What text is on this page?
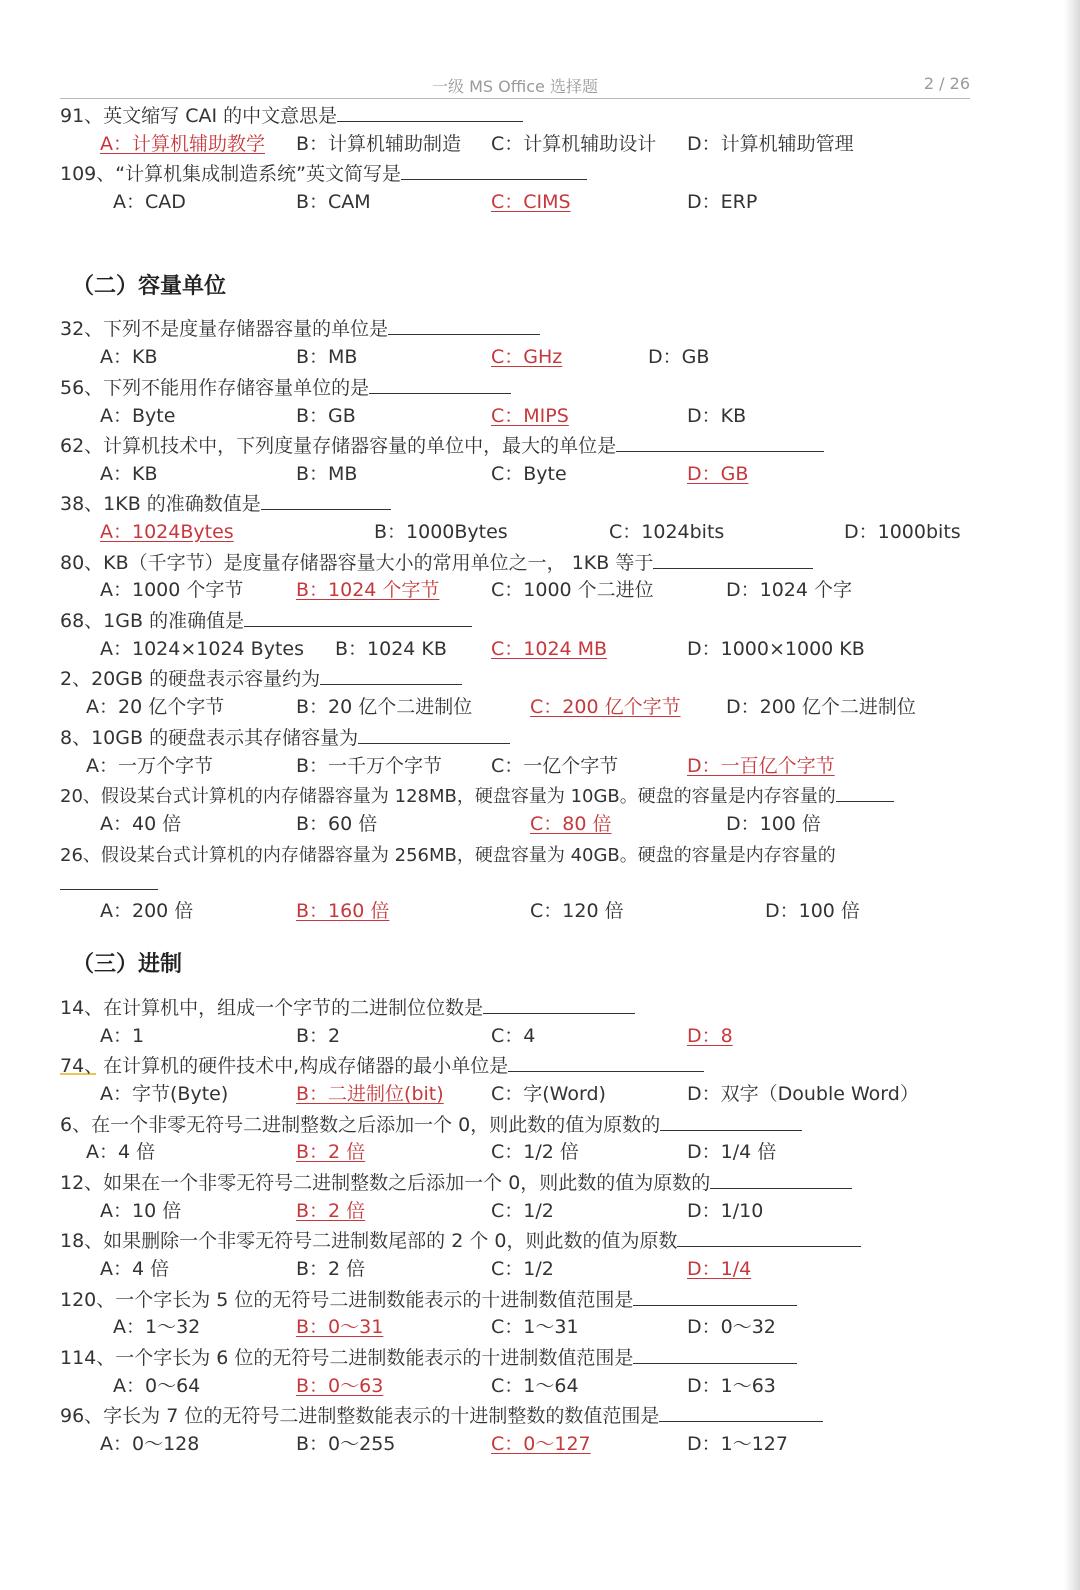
一级 MS Office 选择题	2 / 26
91、英文缩写 CAI 的中文意思是
A：计算机辅助教学 B：计算机辅助制造 C：计算机辅助设计 D：计算机辅助管理
109、“计算机集成制造系统”英文简写是
A：CAD	B：CAM	C：CIMS	D：ERP
（二）容量单位
32、下列不是度量存储器容量的单位是
A：KB	B：MB	C：GHz	D：GB
56、下列不能用作存储容量单位的是
A：Byte	B：GB	C：MIPS	D：KB
62、计算机技术中，下列度量存储器容量的单位中，最大的单位是
A：KB	B：MB	C：Byte	D：GB
38、1KB 的准确数值是
A：1024Bytes	B：1000Bytes	C：1024bits	D：1000bits
80、KB（千字节）是度量存储器容量大小的常用单位之一， 1KB 等于
A：1000 个字节	B：1024 个字节	C：1000 个二进位	D：1024 个字
68、1GB 的准确值是
A：1024×1024 Bytes B：1024 KB C：1024 MB	D：1000×1000 KB
2、20GB 的硬盘表示容量约为
A：20 亿个字节	B：20 亿个二进制位	C：200 亿个字节 D：200 亿个二进制位
8、10GB 的硬盘表示其存储容量为
A：一万个字节	B：一千万个字节	C：一亿个字节	D：一百亿个字节
20、假设某台式计算机的内存储器容量为 128MB，硬盘容量为 10GB。硬盘的容量是内存容量的
A：40 倍	B：60 倍	C：80 倍	D：100 倍
26、假设某台式计算机的内存储器容量为 256MB，硬盘容量为 40GB。硬盘的容量是内存容量的

A：200 倍	B：160 倍	C：120 倍	D：100 倍
（三）进制
14、在计算机中，组成一个字节的二进制位位数是
A：1	B：2	C：4	D：8
74、在计算机的硬件技术中,构成存储器的最小单位是
A：字节(Byte)	B：二进制位(bit) C：字(Word)	D：双字（Double Word）
6、在一个非零无符号二进制整数之后添加一个 0，则此数的值为原数的
A：4 倍	B：2 倍	C：1/2 倍	D：1/4 倍
12、如果在一个非零无符号二进制整数之后添加一个 0，则此数的值为原数的
A：10 倍	B：2 倍	C：1/2	D：1/10
18、如果删除一个非零无符号二进制数尾部的 2 个 0，则此数的值为原数
A：4 倍	B：2 倍	C：1/2	D：1/4
120、一个字长为 5 位的无符号二进制数能表示的十进制数值范围是
A：1～32	B：0～31	C：1～31	D：0～32
114、一个字长为 6 位的无符号二进制数能表示的十进制数值范围是
A：0～64	B：0～63	C：1～64	D：1～63
96、字长为 7 位的无符号二进制整数能表示的十进制整数的数值范围是
A：0～128	B：0～255	C：0～127	D：1～127
